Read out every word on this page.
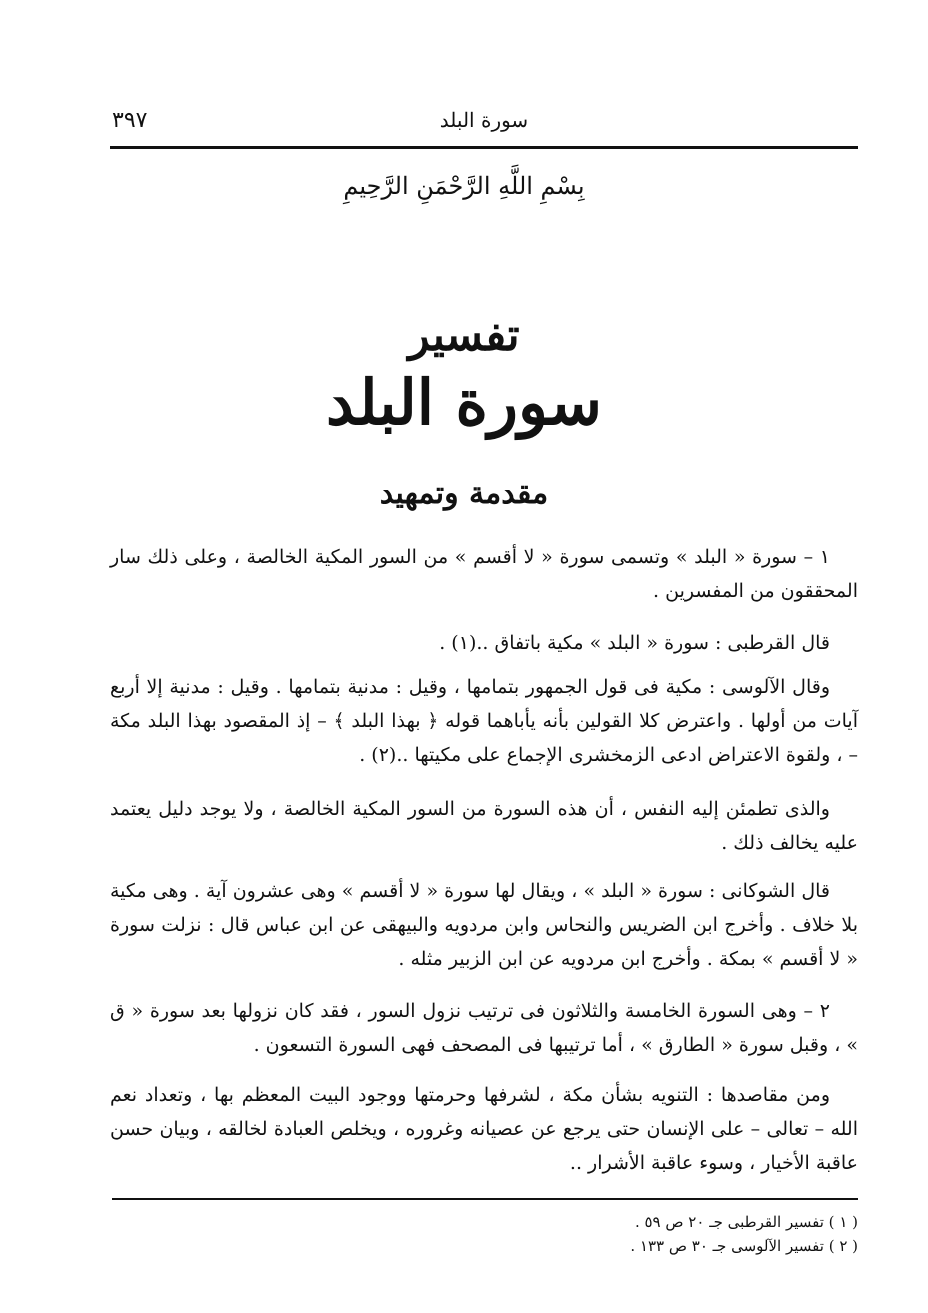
٣٩٧	سورة البلد
بِسْمِ اللَّهِ الرَّحْمَنِ الرَّحِيمِ
تفسير
سورة البلد
مقدمة وتمهيد

١ – سورة « البلد » وتسمى سورة « لا أقسم » من السور المكية الخالصة ، وعلى ذلك سار المحققون من المفسرين .

قال القرطبى : سورة « البلد » مكية باتفاق ..(١) .

وقال الآلوسى : مكية فى قول الجمهور بتمامها ، وقيل : مدنية بتمامها . وقيل : مدنية إلا أربع آيات من أولها . واعترض كلا القولين بأنه يأباهما قوله ﴿ بهذا البلد ﴾ – إذ المقصود بهذا البلد مكة – ، ولقوة الاعتراض ادعى الزمخشرى الإجماع على مكيتها ..(٢) .

والذى تطمئن إليه النفس ، أن هذه السورة من السور المكية الخالصة ، ولا يوجد دليل يعتمد عليه يخالف ذلك .

قال الشوكانى : سورة « البلد » ، ويقال لها سورة « لا أقسم » وهى عشرون آية . وهى مكية بلا خلاف . وأخرج ابن الضريس والنحاس وابن مردويه والبيهقى عن ابن عباس قال : نزلت سورة « لا أقسم » بمكة . وأخرج ابن مردويه عن ابن الزبير مثله .

٢ – وهى السورة الخامسة والثلاثون فى ترتيب نزول السور ، فقد كان نزولها بعد سورة « ق » ، وقبل سورة « الطارق » ، أما ترتيبها فى المصحف فهى السورة التسعون .

ومن مقاصدها : التنويه بشأن مكة ، لشرفها وحرمتها ووجود البيت المعظم بها ، وتعداد نعم الله – تعالى – على الإنسان حتى يرجع عن عصيانه وغروره ، ويخلص العبادة لخالقه ، وبيان حسن عاقبة الأخيار ، وسوء عاقبة الأشرار ..

( ١ ) تفسير القرطبى جـ ٢٠ ص ٥٩ .

( ٢ ) تفسير الآلوسى جـ ٣٠ ص ١٣٣ .
